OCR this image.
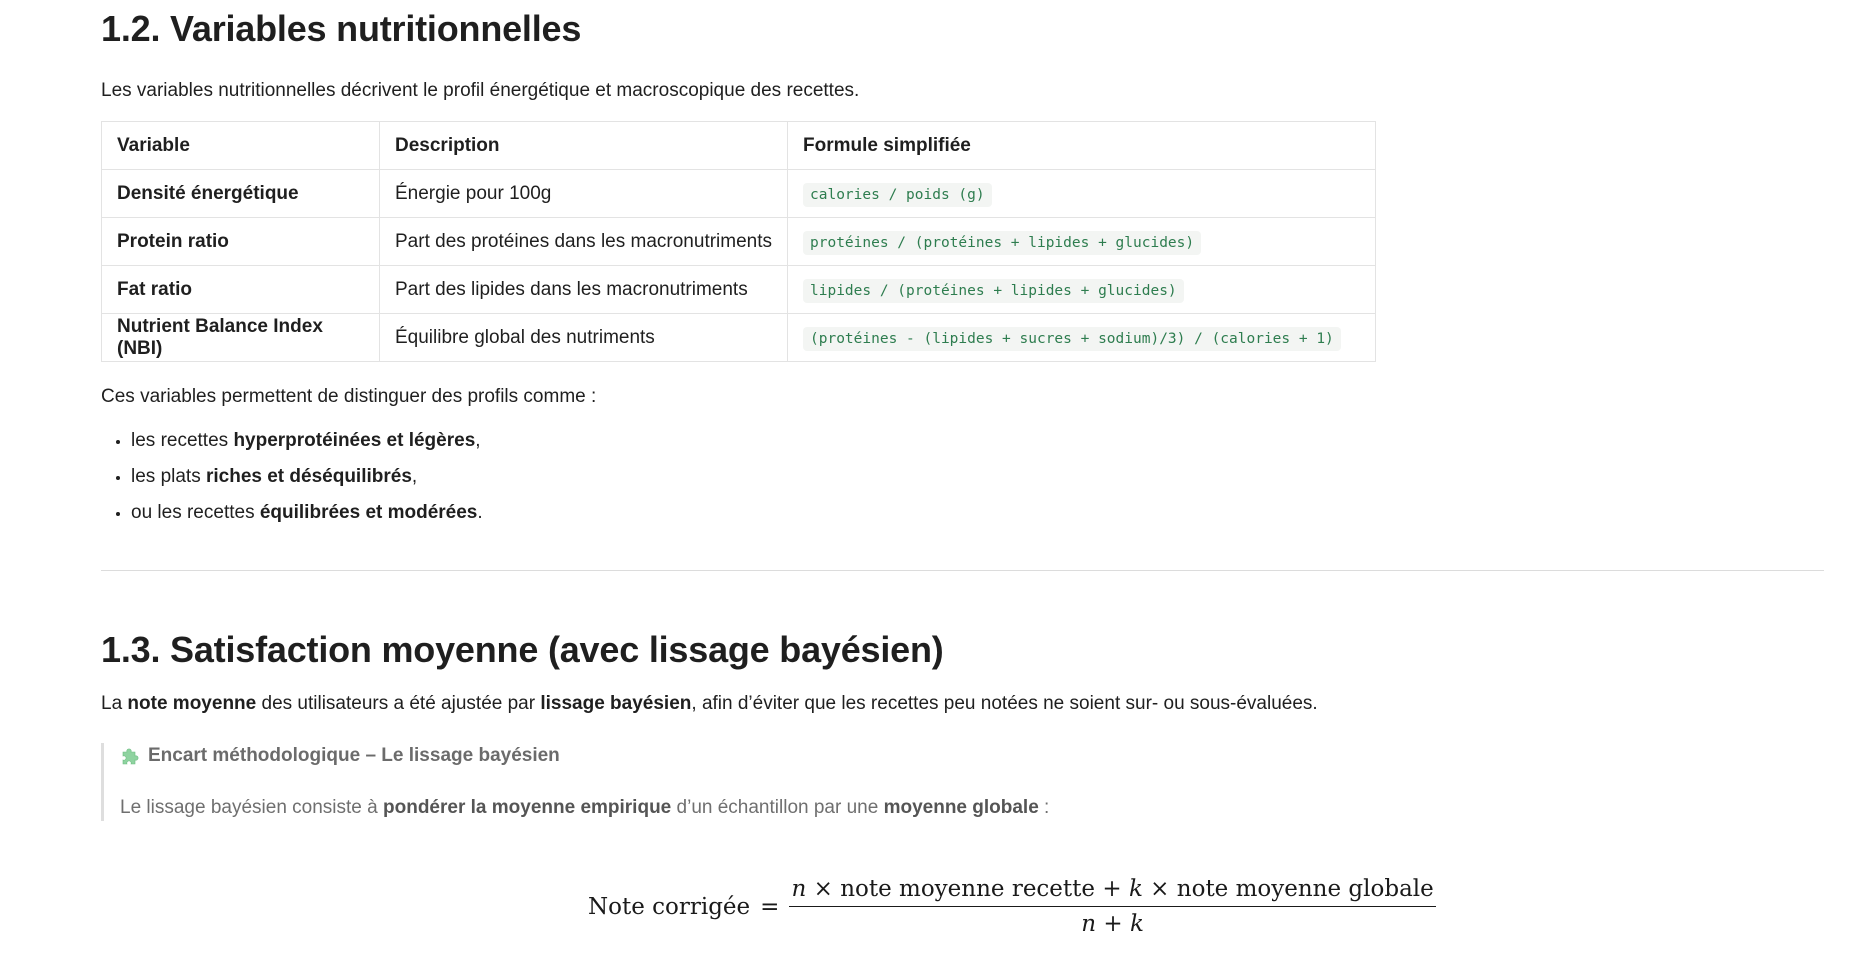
1.2. Variables nutritionnelles

Les variables nutritionnelles décrivent le profil énergétique et macroscopique des recettes.

Variable	Description	Formule simplifiée
Densité énergétique	Énergie pour 100g	calories / poids (g)
Protein ratio	Part des protéines dans les macronutriments	protéines / (protéines + lipides + glucides)
Fat ratio	Part des lipides dans les macronutriments	lipides / (protéines + lipides + glucides)
Nutrient Balance Index (NBI)	Équilibre global des nutriments	(protéines - (lipides + sucres + sodium)/3) / (calories + 1)

Ces variables permettent de distinguer des profils comme :

• les recettes hyperprotéinées et légères,
• les plats riches et déséquilibrés,
• ou les recettes équilibrées et modérées.
1.3. Satisfaction moyenne (avec lissage bayésien)

La note moyenne des utilisateurs a été ajustée par lissage bayésien, afin d’éviter que les recettes peu notées ne soient sur- ou sous-évaluées.

Encart méthodologique – Le lissage bayésien
Le lissage bayésien consiste à pondérer la moyenne empirique d’un échantillon par une moyenne globale :
Note corrigée = $\frac{\text{n × note moyenne recette + k × note moyenne globale}}{n + k}$
